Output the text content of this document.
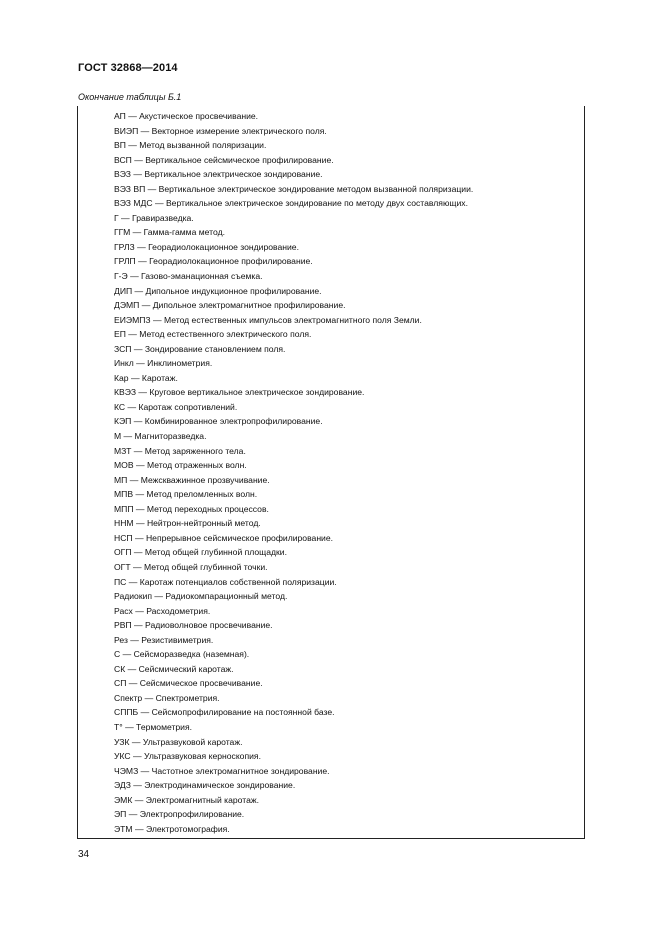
ГОСТ 32868—2014
Окончание таблицы Б.1
АП — Акустическое просвечивание.
ВИЭП — Векторное измерение электрического поля.
ВП — Метод вызванной поляризации.
ВСП — Вертикальное сейсмическое профилирование.
ВЭЗ — Вертикальное электрическое зондирование.
ВЭЗ ВП — Вертикальное электрическое зондирование методом вызванной поляризации.
ВЭЗ МДС — Вертикальное электрическое зондирование по методу двух составляющих.
Г — Гравиразведка.
ГГМ — Гамма-гамма метод.
ГРЛЗ — Георадиолокационное зондирование.
ГРЛП — Георадиолокационное профилирование.
Г-Э — Газово-эманационная съемка.
ДИП — Дипольное индукционное профилирование.
ДЭМП — Дипольное электромагнитное профилирование.
ЕИЭМПЗ — Метод естественных импульсов электромагнитного поля Земли.
ЕП — Метод естественного электрического поля.
ЗСП — Зондирование становлением поля.
Инкл — Инклинометрия.
Кар — Каротаж.
КВЭЗ — Круговое вертикальное электрическое зондирование.
КС — Каротаж сопротивлений.
КЭП — Комбинированное электропрофилирование.
М — Магниторазведка.
МЗТ — Метод заряженного тела.
МОВ — Метод отраженных волн.
МП — Межскважинное прозвучивание.
МПВ — Метод преломленных волн.
МПП — Метод переходных процессов.
ННМ — Нейтрон-нейтронный метод.
НСП — Непрерывное сейсмическое профилирование.
ОГП — Метод общей глубинной площадки.
ОГТ — Метод общей глубинной точки.
ПС — Каротаж потенциалов собственной поляризации.
Радиокип — Радиокомпарационный метод.
Расх — Расходометрия.
РВП — Радиоволновое просвечивание.
Рез — Резистивиметрия.
С — Сейсморазведка (наземная).
СК — Сейсмический каротаж.
СП — Сейсмическое просвечивание.
Спектр — Спектрометрия.
СППБ — Сейсмопрофилирование на постоянной базе.
Т° — Термометрия.
УЗК — Ультразвуковой каротаж.
УКС — Ультразвуковая керноскопия.
ЧЭМЗ — Частотное электромагнитное зондирование.
ЭДЗ — Электродинамическое зондирование.
ЭМК — Электромагнитный каротаж.
ЭП — Электропрофилирование.
ЭТМ — Электротомография.
34
